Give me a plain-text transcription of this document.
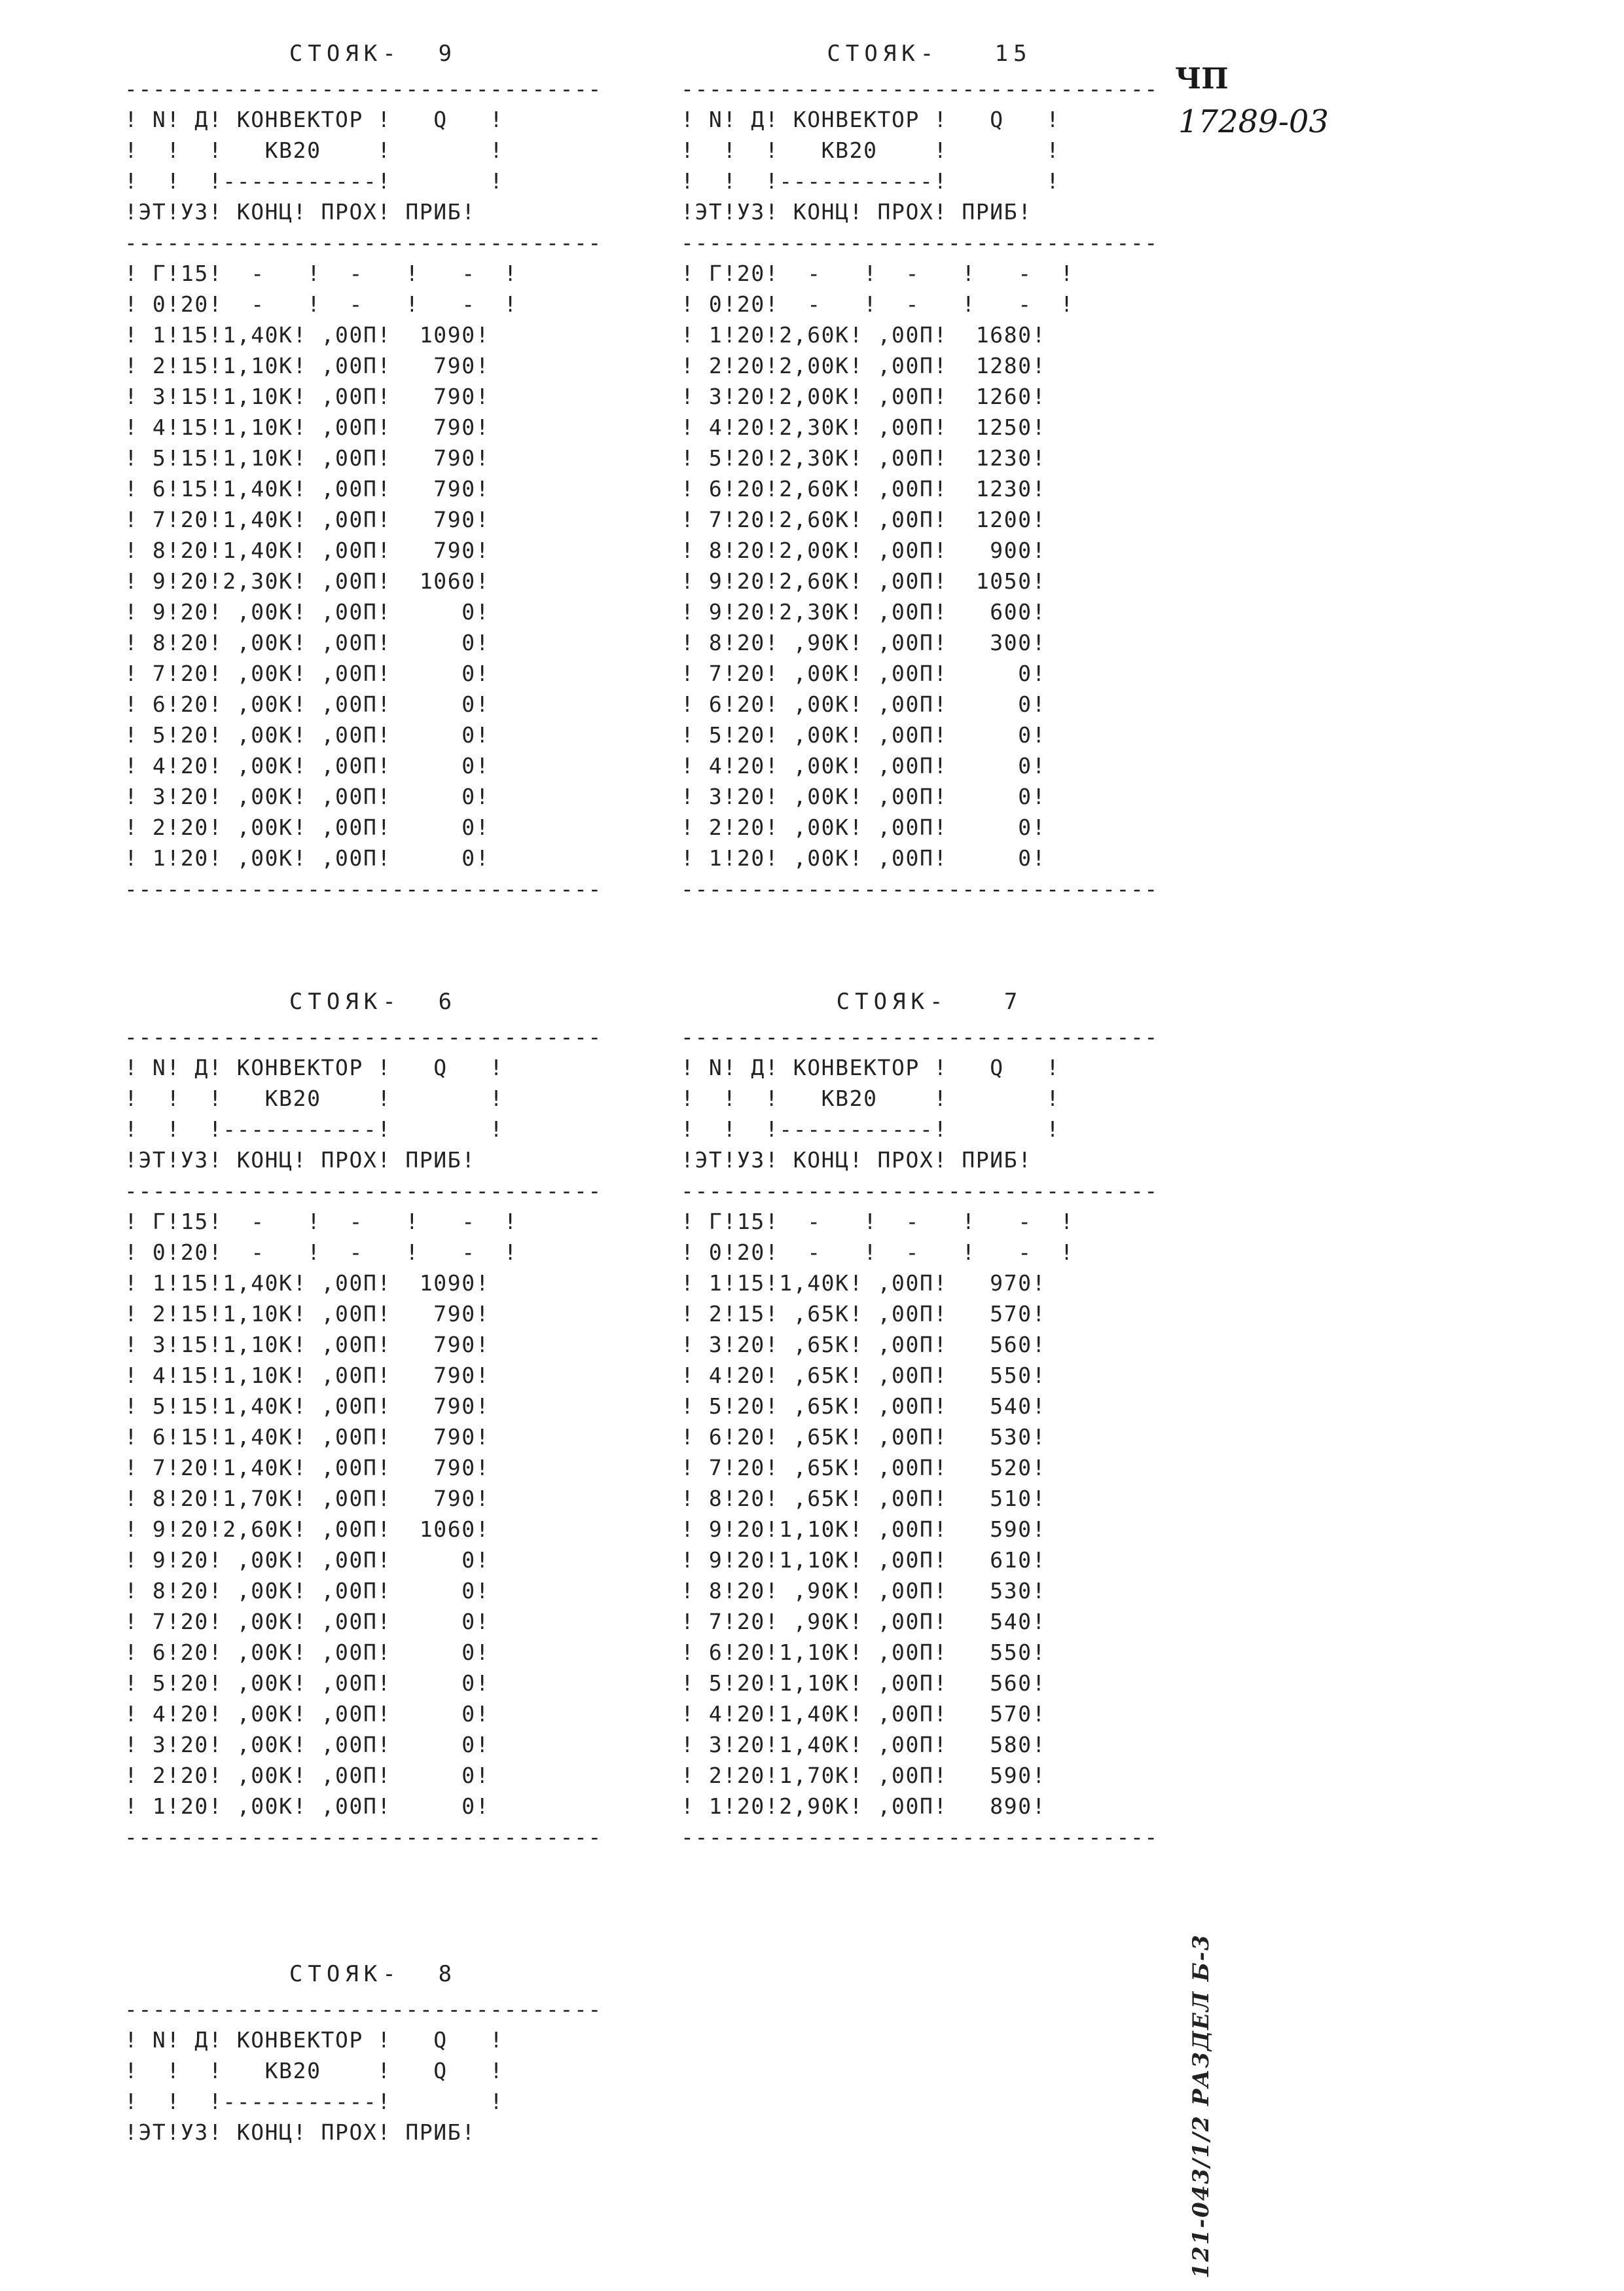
ЧП
17289-03
СТОЯК-  9
----------------------------------
! N! Д! КОНВЕКТОР !   Q   !
!  !  !   КВ20    !       !
!  !  !-----------!       !
!ЭТ!УЗ! КОНЦ! ПРОХ! ПРИБ!
----------------------------------
! Г!15!  -   !  -   !   -  !
! 0!20!  -   !  -   !   -  !
! 1!15!1,40К! ,00П!  1090!
! 2!15!1,10К! ,00П!   790!
! 3!15!1,10К! ,00П!   790!
! 4!15!1,10К! ,00П!   790!
! 5!15!1,10К! ,00П!   790!
! 6!15!1,40К! ,00П!   790!
! 7!20!1,40К! ,00П!   790!
! 8!20!1,40К! ,00П!   790!
! 9!20!2,30К! ,00П!  1060!
! 9!20! ,00К! ,00П!     0!
! 8!20! ,00К! ,00П!     0!
! 7!20! ,00К! ,00П!     0!
! 6!20! ,00К! ,00П!     0!
! 5!20! ,00К! ,00П!     0!
! 4!20! ,00К! ,00П!     0!
! 3!20! ,00К! ,00П!     0!
! 2!20! ,00К! ,00П!     0!
! 1!20! ,00К! ,00П!     0!
----------------------------------
СТОЯК-   15
----------------------------------
! N! Д! КОНВЕКТОР !   Q   !
!  !  !   КВ20    !       !
!  !  !-----------!       !
!ЭТ!УЗ! КОНЦ! ПРОХ! ПРИБ!
----------------------------------
! Г!20!  -   !  -   !   -  !
! 0!20!  -   !  -   !   -  !
! 1!20!2,60К! ,00П!  1680!
! 2!20!2,00К! ,00П!  1280!
! 3!20!2,00К! ,00П!  1260!
! 4!20!2,30К! ,00П!  1250!
! 5!20!2,30К! ,00П!  1230!
! 6!20!2,60К! ,00П!  1230!
! 7!20!2,60К! ,00П!  1200!
! 8!20!2,00К! ,00П!   900!
! 9!20!2,60К! ,00П!  1050!
! 9!20!2,30К! ,00П!   600!
! 8!20! ,90К! ,00П!   300!
! 7!20! ,00К! ,00П!     0!
! 6!20! ,00К! ,00П!     0!
! 5!20! ,00К! ,00П!     0!
! 4!20! ,00К! ,00П!     0!
! 3!20! ,00К! ,00П!     0!
! 2!20! ,00К! ,00П!     0!
! 1!20! ,00К! ,00П!     0!
----------------------------------
СТОЯК-  6
----------------------------------
! N! Д! КОНВЕКТОР !   Q   !
!  !  !   КВ20    !       !
!  !  !-----------!       !
!ЭТ!УЗ! КОНЦ! ПРОХ! ПРИБ!
----------------------------------
! Г!15!  -   !  -   !   -  !
! 0!20!  -   !  -   !   -  !
! 1!15!1,40К! ,00П!  1090!
! 2!15!1,10К! ,00П!   790!
! 3!15!1,10К! ,00П!   790!
! 4!15!1,10К! ,00П!   790!
! 5!15!1,40К! ,00П!   790!
! 6!15!1,40К! ,00П!   790!
! 7!20!1,40К! ,00П!   790!
! 8!20!1,70К! ,00П!   790!
! 9!20!2,60К! ,00П!  1060!
! 9!20! ,00К! ,00П!     0!
! 8!20! ,00К! ,00П!     0!
! 7!20! ,00К! ,00П!     0!
! 6!20! ,00К! ,00П!     0!
! 5!20! ,00К! ,00П!     0!
! 4!20! ,00К! ,00П!     0!
! 3!20! ,00К! ,00П!     0!
! 2!20! ,00К! ,00П!     0!
! 1!20! ,00К! ,00П!     0!
----------------------------------
СТОЯК-   7
----------------------------------
! N! Д! КОНВЕКТОР !   Q   !
!  !  !   КВ20    !       !
!  !  !-----------!       !
!ЭТ!УЗ! КОНЦ! ПРОХ! ПРИБ!
----------------------------------
! Г!15!  -   !  -   !   -  !
! 0!20!  -   !  -   !   -  !
! 1!15!1,40К! ,00П!   970!
! 2!15! ,65К! ,00П!   570!
! 3!20! ,65К! ,00П!   560!
! 4!20! ,65К! ,00П!   550!
! 5!20! ,65К! ,00П!   540!
! 6!20! ,65К! ,00П!   530!
! 7!20! ,65К! ,00П!   520!
! 8!20! ,65К! ,00П!   510!
! 9!20!1,10К! ,00П!   590!
! 9!20!1,10К! ,00П!   610!
! 8!20! ,90К! ,00П!   530!
! 7!20! ,90К! ,00П!   540!
! 6!20!1,10К! ,00П!   550!
! 5!20!1,10К! ,00П!   560!
! 4!20!1,40К! ,00П!   570!
! 3!20!1,40К! ,00П!   580!
! 2!20!1,70К! ,00П!   590!
! 1!20!2,90К! ,00П!   890!
----------------------------------
СТОЯК-  8
----------------------------------
! N! Д! КОНВЕКТОР !   Q   !
!  !  !   КВ20    !   Q   !
!  !  !-----------!       !
!ЭТ!УЗ! КОНЦ! ПРОХ! ПРИБ!	121-043/1/2 РАЗДЕЛ Б-3
